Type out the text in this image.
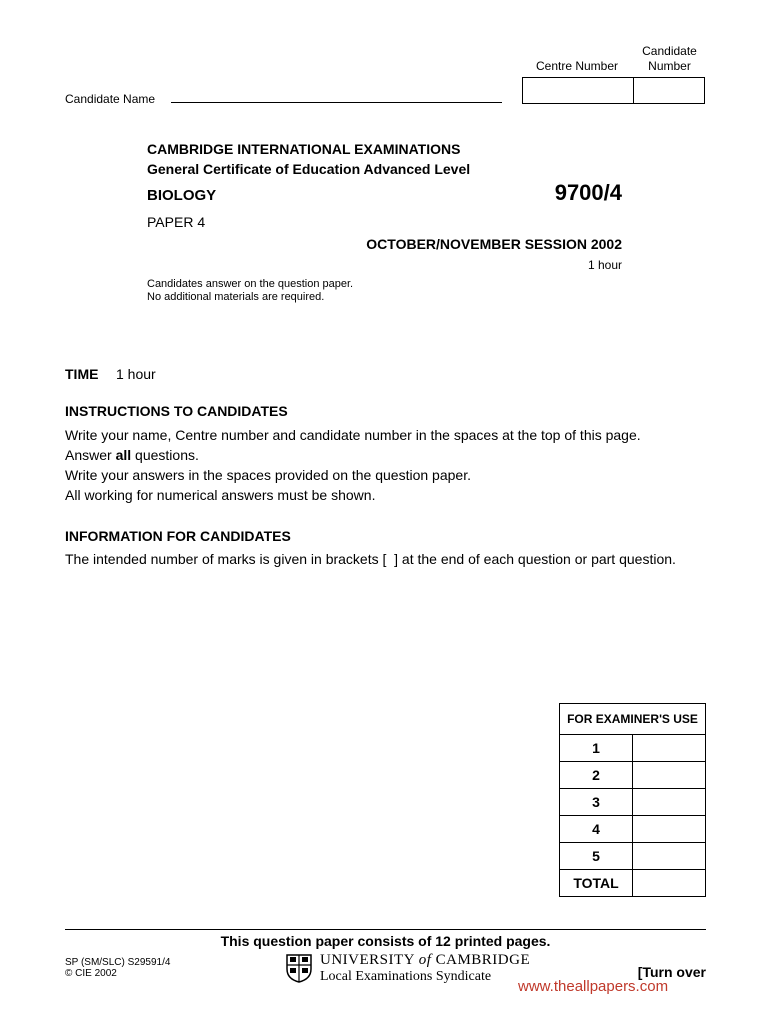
Centre Number
Candidate
Number
Candidate Name
CAMBRIDGE INTERNATIONAL EXAMINATIONS
General Certificate of Education Advanced Level
BIOLOGY	9700/4
PAPER 4
OCTOBER/NOVEMBER SESSION 2002
1 hour
Candidates answer on the question paper.
No additional materials are required.
TIME 1 hour
INSTRUCTIONS TO CANDIDATES
Write your name, Centre number and candidate number in the spaces at the top of this page.
Answer all questions.
Write your answers in the spaces provided on the question paper.
All working for numerical answers must be shown.
INFORMATION FOR CANDIDATES
The intended number of marks is given in brackets [  ] at the end of each question or part question.
FOR EXAMINER'S USE	
1	
2	
3	
4	
5	
TOTAL	
This question paper consists of 12 printed pages.
SP (SM/SLC) S29591/4
© CIE 2002
UNIVERSITY of CAMBRIDGE
Local Examinations Syndicate	[Turn over
www.theallpapers.com
